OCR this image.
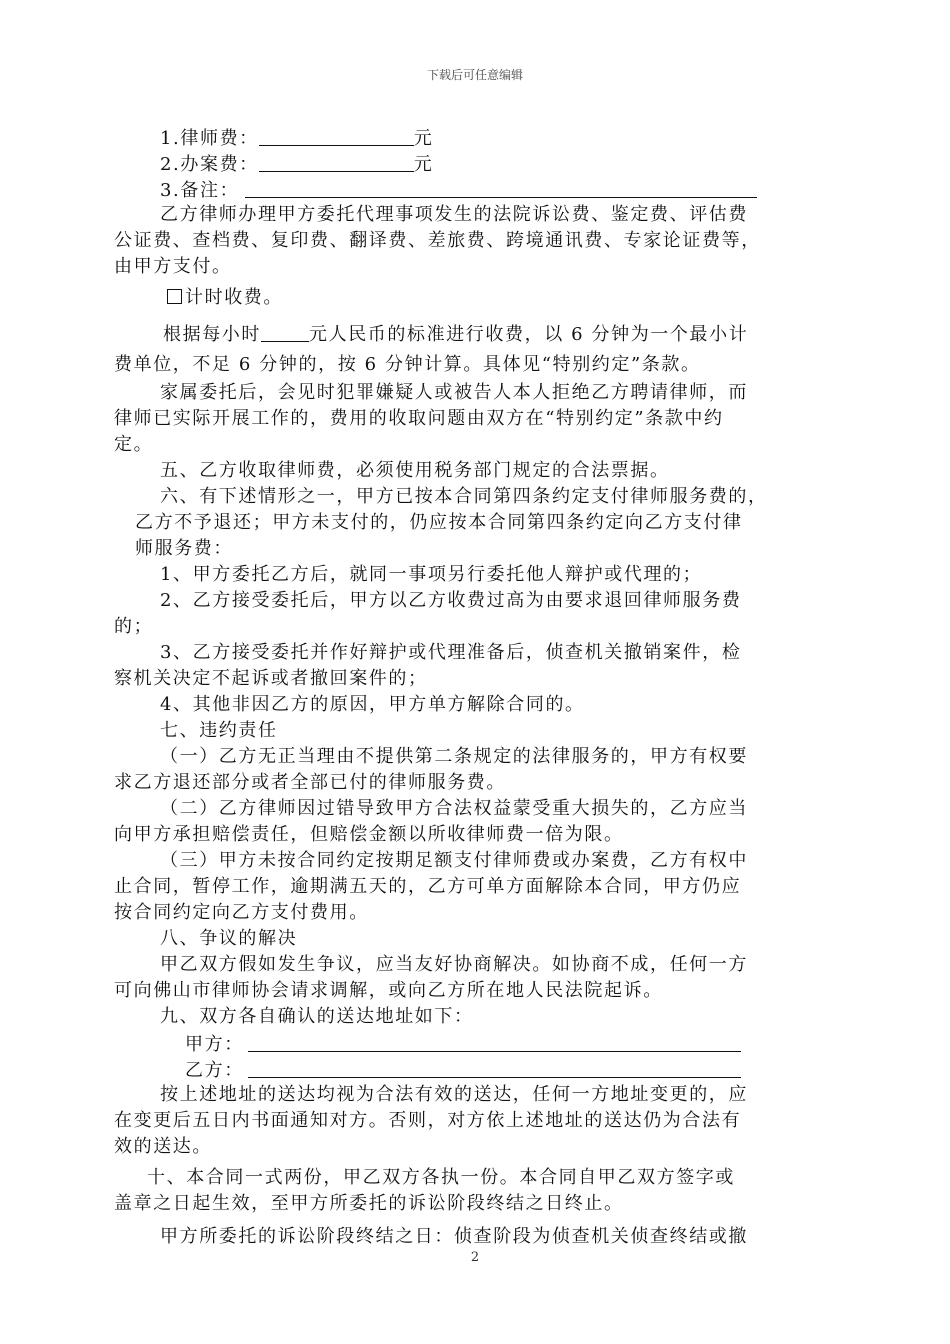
下载后可任意编辑
1.律师费：	元
2.办案费：	元
3.备注：
乙方律师办理甲方委托代理事项发生的法院诉讼费、鉴定费、评估费
公证费、查档费、复印费、翻译费、差旅费、跨境通讯费、专家论证费等，
由甲方支付。
计时收费。
根据每小时	元人民币的标准进行收费，以 6 分钟为一个最小计
费单位，不足 6 分钟的，按 6 分钟计算。具体见“特别约定”条款。
家属委托后，会见时犯罪嫌疑人或被告人本人拒绝乙方聘请律师，而
律师已实际开展工作的，费用的收取问题由双方在“特别约定”条款中约
定。
五、乙方收取律师费，必须使用税务部门规定的合法票据。
六、有下述情形之一，甲方已按本合同第四条约定支付律师服务费的，
乙方不予退还；甲方未支付的，仍应按本合同第四条约定向乙方支付律
师服务费：
1、甲方委托乙方后，就同一事项另行委托他人辩护或代理的；
2、乙方接受委托后，甲方以乙方收费过高为由要求退回律师服务费
的；
3、乙方接受委托并作好辩护或代理准备后，侦查机关撤销案件，检
察机关决定不起诉或者撤回案件的；
4、其他非因乙方的原因，甲方单方解除合同的。
七、违约责任
（一）乙方无正当理由不提供第二条规定的法律服务的，甲方有权要
求乙方退还部分或者全部已付的律师服务费。
（二）乙方律师因过错导致甲方合法权益蒙受重大损失的，乙方应当
向甲方承担赔偿责任，但赔偿金额以所收律师费一倍为限。
（三）甲方未按合同约定按期足额支付律师费或办案费，乙方有权中
止合同，暂停工作，逾期满五天的，乙方可单方面解除本合同，甲方仍应
按合同约定向乙方支付费用。
八、争议的解决
甲乙双方假如发生争议，应当友好协商解决。如协商不成，任何一方
可向佛山市律师协会请求调解，或向乙方所在地人民法院起诉。
九、双方各自确认的送达地址如下：
甲方：
乙方：
按上述地址的送达均视为合法有效的送达，任何一方地址变更的，应
在变更后五日内书面通知对方。否则，对方依上述地址的送达仍为合法有
效的送达。
十、本合同一式两份，甲乙双方各执一份。本合同自甲乙双方签字或
盖章之日起生效，至甲方所委托的诉讼阶段终结之日终止。
甲方所委托的诉讼阶段终结之日：侦查阶段为侦查机关侦查终结或撤
2
